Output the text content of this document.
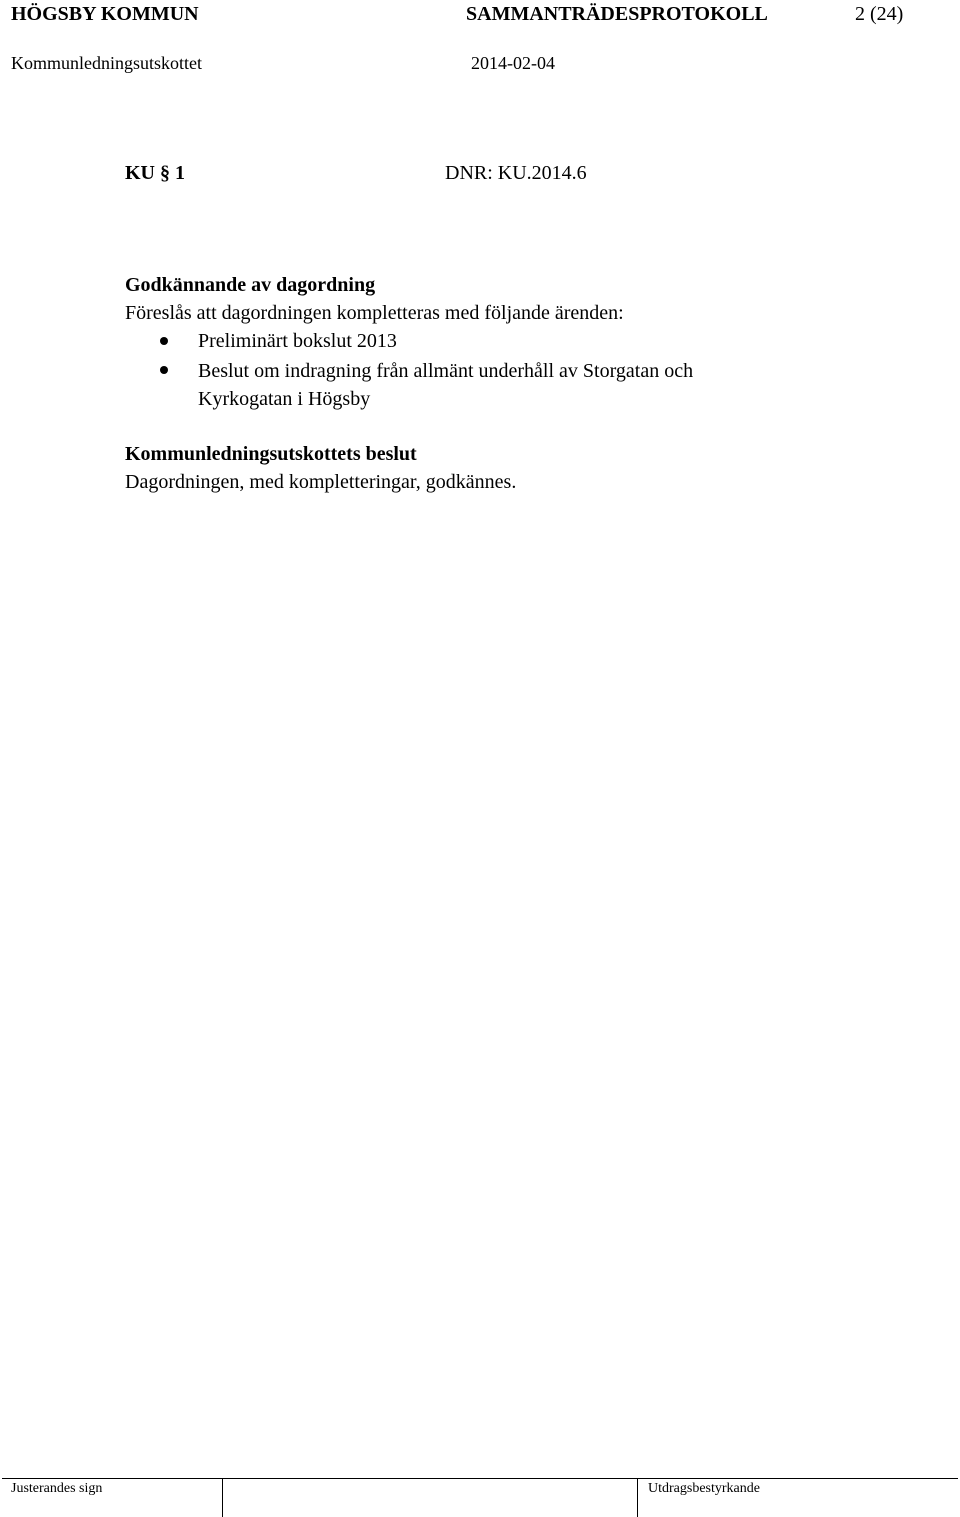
HÖGSBY KOMMUN	SAMMANTRÄDESPROTOKOLL	2 (24)
Kommunledningsutskottet	2014-02-04
KU § 1	DNR: KU.2014.6
Godkännande av dagordning
Föreslås att dagordningen kompletteras med följande ärenden:
Preliminärt bokslut 2013
Beslut om indragning från allmänt underhåll av Storgatan och
Kyrkogatan i Högsby
Kommunledningsutskottets beslut
Dagordningen, med kompletteringar, godkännes.
Justerandes sign	Utdragsbestyrkande
